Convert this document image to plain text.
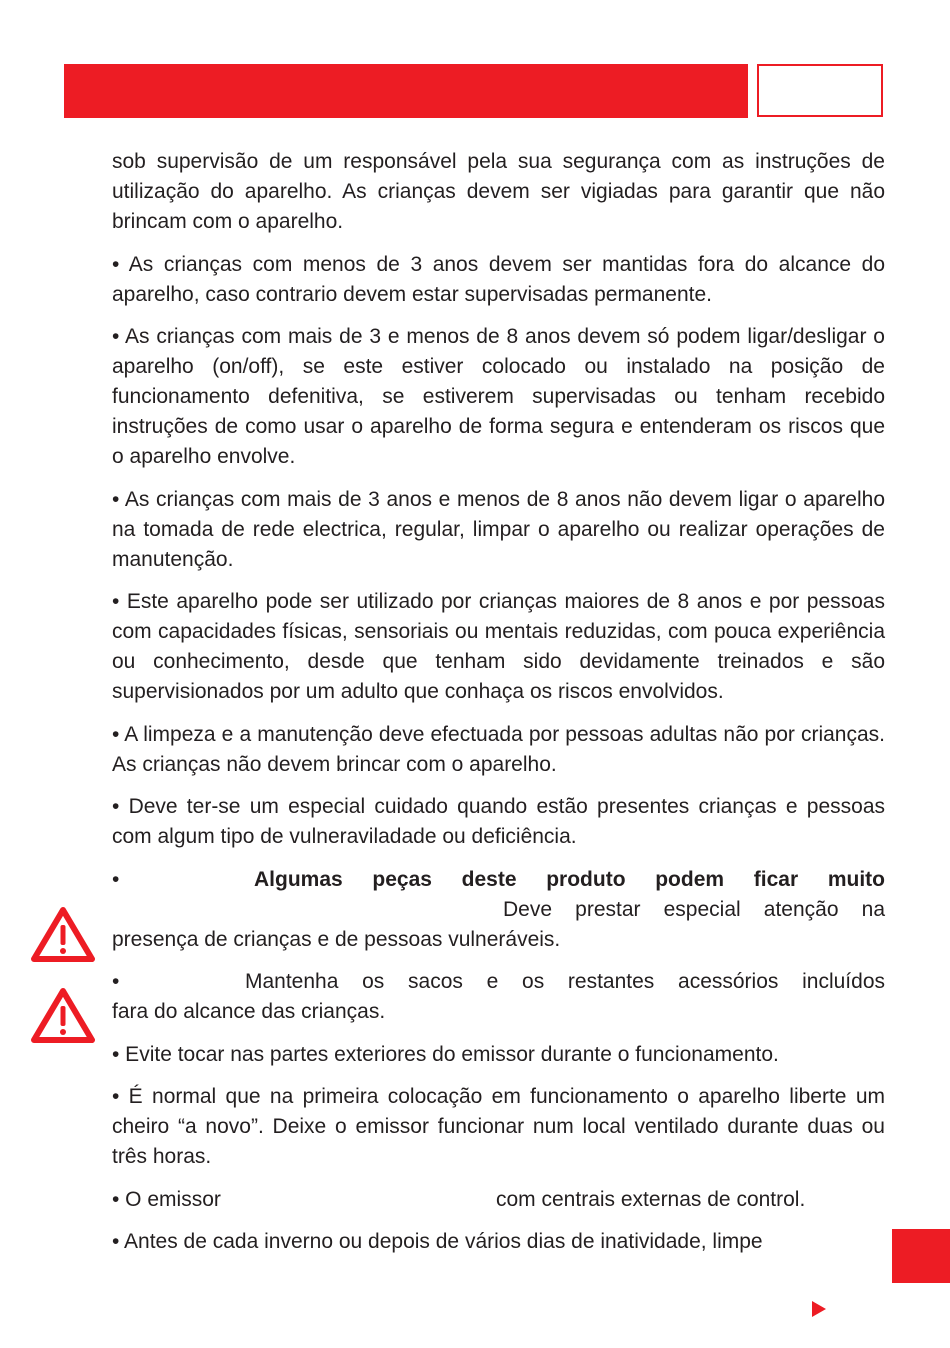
sob supervisão de um responsável pela sua segurança com as instruções de utilização do aparelho. As crianças devem ser vigiadas para garantir que não brincam com o aparelho.

• As crianças com menos de 3 anos devem ser mantidas fora do alcance do aparelho, caso contrario devem estar supervisadas permanente.

• As crianças com mais de 3 e menos de 8 anos devem só podem ligar/desligar o aparelho (on/off), se este estiver colocado ou instalado na posição de funcionamento defenitiva, se estiverem supervisadas ou tenham recebido instruções de como usar o aparelho de forma segura e entenderam os riscos que o aparelho envolve.

• As crianças com mais de 3 anos e menos de 8 anos não devem ligar o aparelho na tomada de rede electrica, regular, limpar o aparelho ou realizar operações de manutenção.

• Este aparelho pode ser utilizado por crianças maiores de 8 anos e por pessoas com capacidades físicas, sensoriais ou mentais reduzidas, com pouca experiência ou conhecimento, desde que tenham sido devidamente treinados e são supervisionados por um adulto que conhaça os riscos envolvidos.

• A limpeza e a manutenção deve efectuada por pessoas adultas não por crianças. As crianças não devem brincar com o aparelho.

• Deve ter-se um especial cuidado quando estão presentes crianças e pessoas com algum tipo de vulneraviladade ou deficiência.

•	Algumas peças deste produto podem ficar muito
Deve prestar especial atenção na
presença de crianças e de pessoas vulneráveis.
•	Mantenha os sacos e os restantes acessórios incluídos
fara do alcance das crianças.

• Evite tocar nas partes exteriores do emissor durante o funcionamento.

• É normal que na primeira colocação em funcionamento o aparelho liberte um cheiro “a novo”. Deixe o emissor funcionar num local ventilado durante duas ou três horas.

• O emissor	com centrais externas de control.

• Antes de cada inverno ou depois de vários dias de inatividade, limpe
